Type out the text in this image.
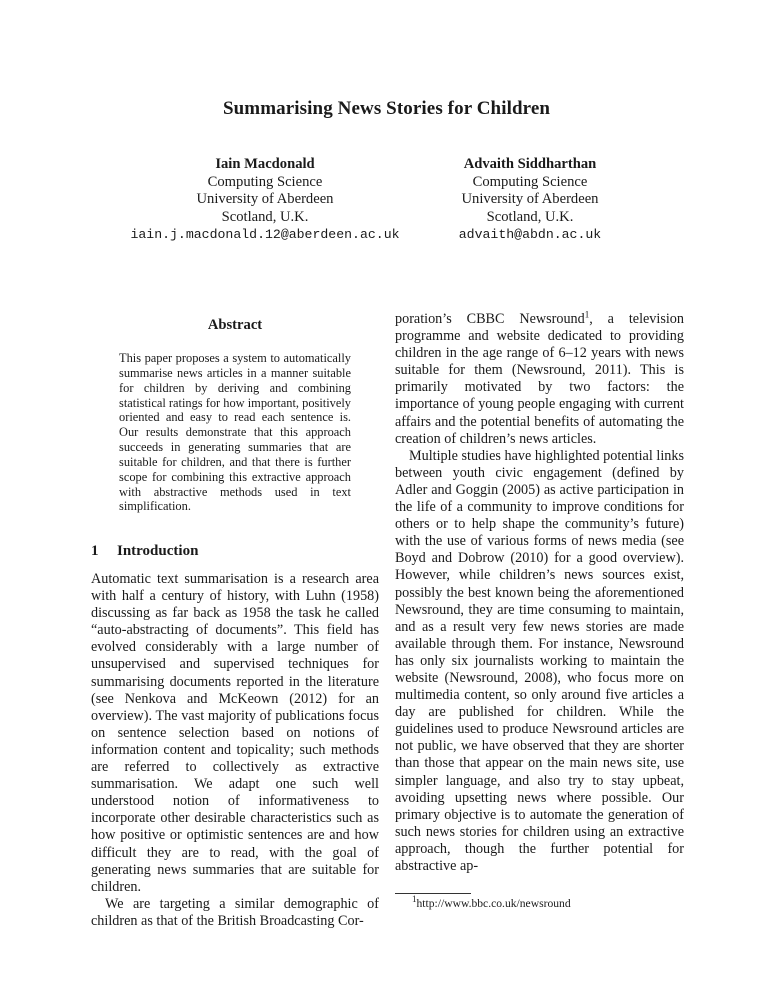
Summarising News Stories for Children
Iain Macdonald
Computing Science
University of Aberdeen
Scotland, U.K.
iain.j.macdonald.12@aberdeen.ac.uk
Advaith Siddharthan
Computing Science
University of Aberdeen
Scotland, U.K.
advaith@abdn.ac.uk
Abstract
This paper proposes a system to automatically summarise news articles in a manner suitable for children by deriving and combining statistical ratings for how important, positively oriented and easy to read each sentence is. Our results demonstrate that this approach succeeds in generating summaries that are suitable for children, and that there is further scope for combining this extractive approach with abstractive methods used in text simplification.
1 Introduction

Automatic text summarisation is a research area with half a century of history, with Luhn (1958) discussing as far back as 1958 the task he called “auto-abstracting of documents”. This field has evolved considerably with a large number of unsupervised and supervised techniques for summarising documents reported in the literature (see Nenkova and McKeown (2012) for an overview). The vast majority of publications focus on sentence selection based on notions of information content and topicality; such methods are referred to collectively as extractive summarisation. We adapt one such well understood notion of informativeness to incorporate other desirable characteristics such as how positive or optimistic sentences are and how difficult they are to read, with the goal of generating news summaries that are suitable for children.

We are targeting a similar demographic of children as that of the British Broadcasting Cor-

poration’s CBBC Newsround$^1$, a television programme and website dedicated to providing children in the age range of 6–12 years with news suitable for them (Newsround, 2011). This is primarily motivated by two factors: the importance of young people engaging with current affairs and the potential benefits of automating the creation of children’s news articles.

Multiple studies have highlighted potential links between youth civic engagement (defined by Adler and Goggin (2005) as active participation in the life of a community to improve conditions for others or to help shape the community’s future) with the use of various forms of news media (see Boyd and Dobrow (2010) for a good overview). However, while children’s news sources exist, possibly the best known being the aforementioned Newsround, they are time consuming to maintain, and as a result very few news stories are made available through them. For instance, Newsround has only six journalists working to maintain the website (Newsround, 2008), who focus more on multimedia content, so only around five articles a day are published for children. While the guidelines used to produce Newsround articles are not public, we have observed that they are shorter than those that appear on the main news site, use simpler language, and also try to stay upbeat, avoiding upsetting news where possible. Our primary objective is to automate the generation of such news stories for children using an extractive approach, though the further potential for abstractive ap-

$^1$http://www.bbc.co.uk/newsround
